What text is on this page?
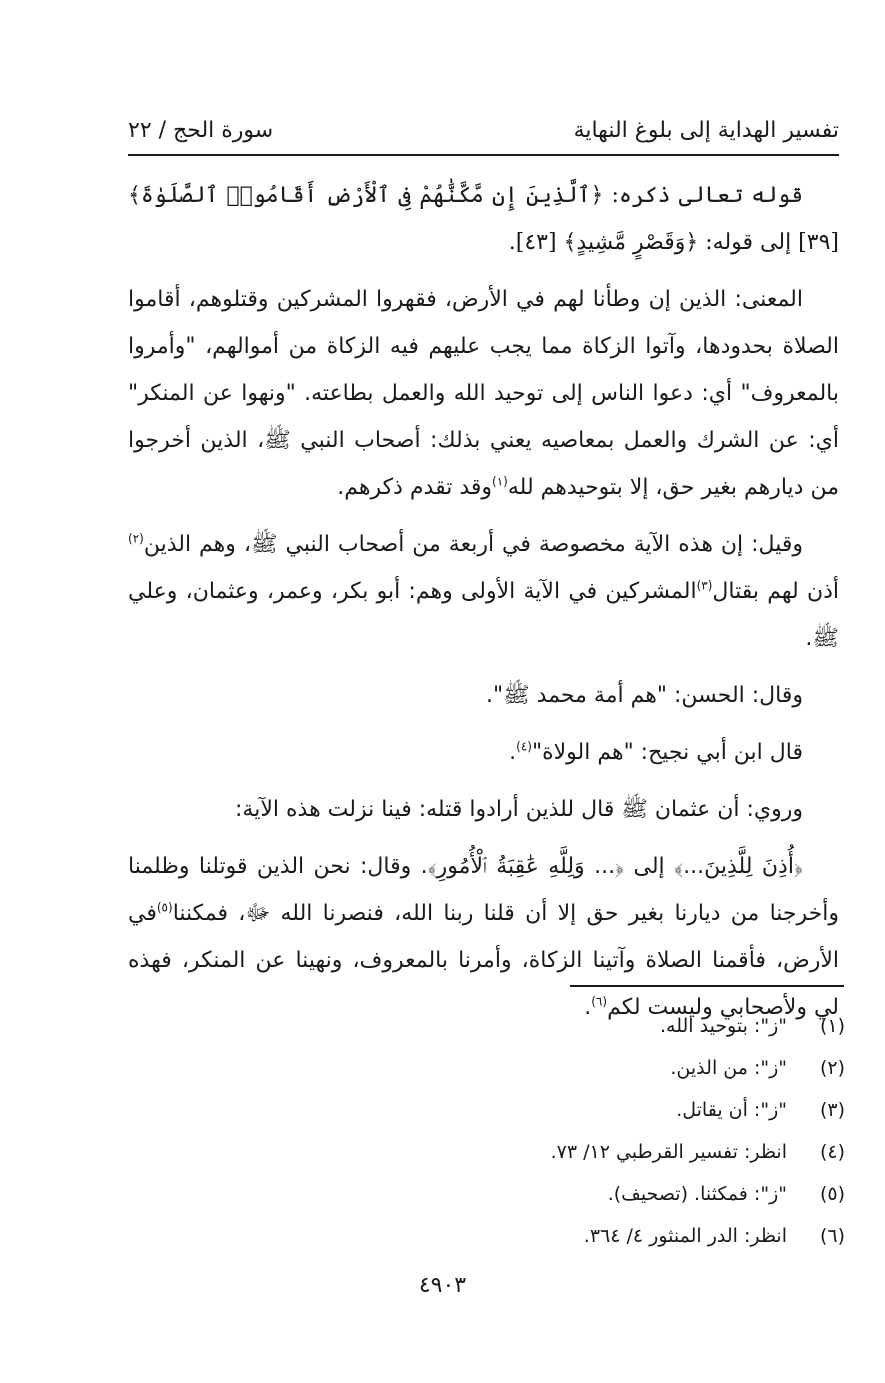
تفسير الهداية إلى بلوغ النهاية
سورة الحج / ٢٢

قوله تعالى ذكره: ﴿ٱلَّذِينَ إِن مَّكَّنَّٰهُمْ فِى ٱلْأَرْضِ أَقَامُوا۟ ٱلصَّلَوٰةَ﴾ [٣٩] إلى قوله: ﴿وَقَصْرٍ مَّشِيدٍ﴾ [٤٣].

المعنى: الذين إن وطأنا لهم في الأرض، فقهروا المشركين وقتلوهم، أقاموا الصلاة بحدودها، وآتوا الزكاة مما يجب عليهم فيه الزكاة من أموالهم، "وأمروا بالمعروف" أي: دعوا الناس إلى توحيد الله والعمل بطاعته. "ونهوا عن المنكر" أي: عن الشرك والعمل بمعاصيه يعني بذلك: أصحاب النبي ﷺ، الذين أخرجوا من ديارهم بغير حق، إلا بتوحيدهم لله$^{(١)}$وقد تقدم ذكرهم.

وقيل: إن هذه الآية مخصوصة في أربعة من أصحاب النبي ﷺ، وهم الذين$^{(٢)}$ أذن لهم بقتال$^{(٣)}$المشركين في الآية الأولى وهم: أبو بكر، وعمر، وعثمان، وعلي ﷺ.

وقال: الحسن: "هم أمة محمد ﷺ".

قال ابن أبي نجيح: "هم الولاة"$^{(٤)}$.

وروي: أن عثمان ﷺ قال للذين أرادوا قتله: فينا نزلت هذه الآية:

﴿أُذِنَ لِلَّذِينَ...﴾ إلى ﴿... وَلِلَّهِ عَٰقِبَةُ ٱلْأُمُورِ﴾. وقال: نحن الذين قوتلنا وظلمنا وأخرجنا من ديارنا بغير حق إلا أن قلنا ربنا الله، فنصرنا الله ﷻ، فمكننا$^{(٥)}$في الأرض، فأقمنا الصلاة وآتينا الزكاة، وأمرنا بالمعروف، ونهينا عن المنكر، فهذه لي ولأصحابي وليست لكم$^{(٦)}$.

(١)
"ز": بتوحيد الله.
(٢)
"ز": من الذين.
(٣)
"ز": أن يقاتل.
(٤)
انظر: تفسير القرطبي ١٢/ ٧٣.
(٥)
"ز": فمكثنا. (تصحيف).
(٦)
انظر: الدر المنثور ٤/ ٣٦٤.
٤٩٠٣
